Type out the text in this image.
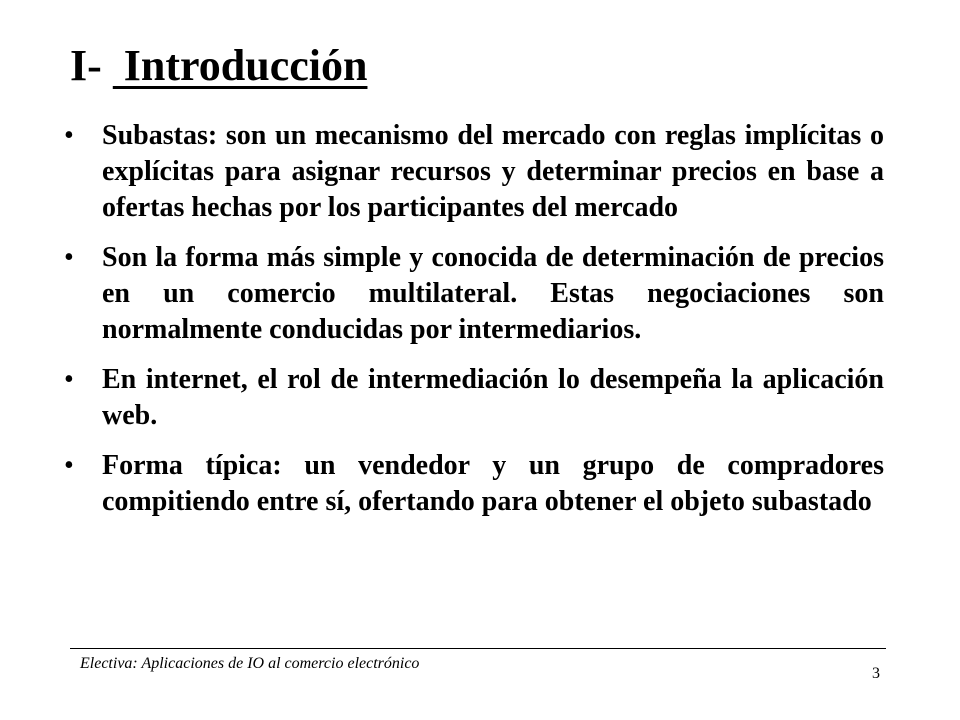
I-  Introducción
• Subastas: son un mecanismo del mercado con reglas implícitas o explícitas para asignar recursos y determinar precios en base a ofertas hechas por los participantes del mercado
• Son la forma más simple y conocida de determinación de precios en un comercio multilateral. Estas negociaciones son normalmente conducidas por intermediarios.
• En internet, el rol de intermediación lo desempeña la aplicación web.
• Forma típica: un vendedor y un grupo de compradores compitiendo entre sí, ofertando para obtener el objeto subastado
Electiva: Aplicaciones de IO al comercio electrónico
3
